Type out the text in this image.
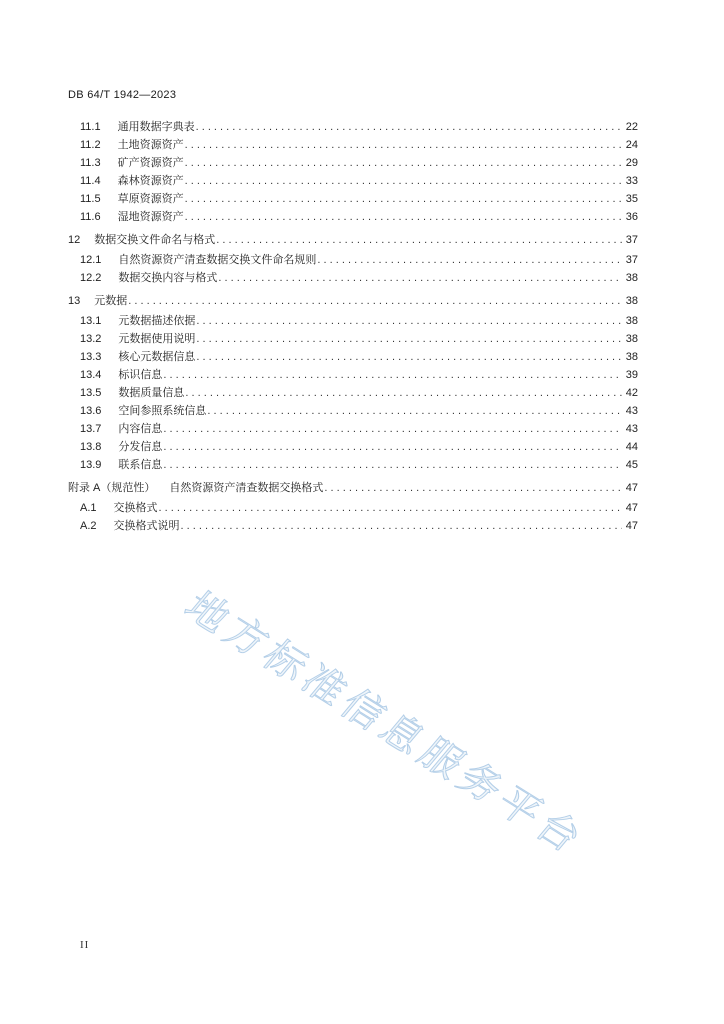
DB 64/T 1942—2023
11.1 通用数据字典表 . . .	22
11.2 土地资源资产 . . .	24
11.3 矿产资源资产 . . .	29
11.4 森林资源资产 . . .	33
11.5 草原资源资产 . . .	35
11.6 湿地资源资产 . . .	36
12 数据交换文件命名与格式 . . .	37
12.1 自然资源资产清查数据交换文件命名规则 . . .	37
12.2 数据交换内容与格式 . . .	38
13 元数据 . . .	38
13.1 元数据描述依据 . . .	38
13.2 元数据使用说明 . . .	38
13.3 核心元数据信息 . . .	38
13.4 标识信息 . . .	39
13.5 数据质量信息 . . .	42
13.6 空间参照系统信息 . . .	43
13.7 内容信息 . . .	43
13.8 分发信息 . . .	44
13.9 联系信息 . . .	45
附录 A（规范性） 自然资源资产清查数据交换格式 . . .	47
A.1 交换格式 . . .	47
A.2 交换格式说明 . . .	47
地方标准信息服务平台
II
